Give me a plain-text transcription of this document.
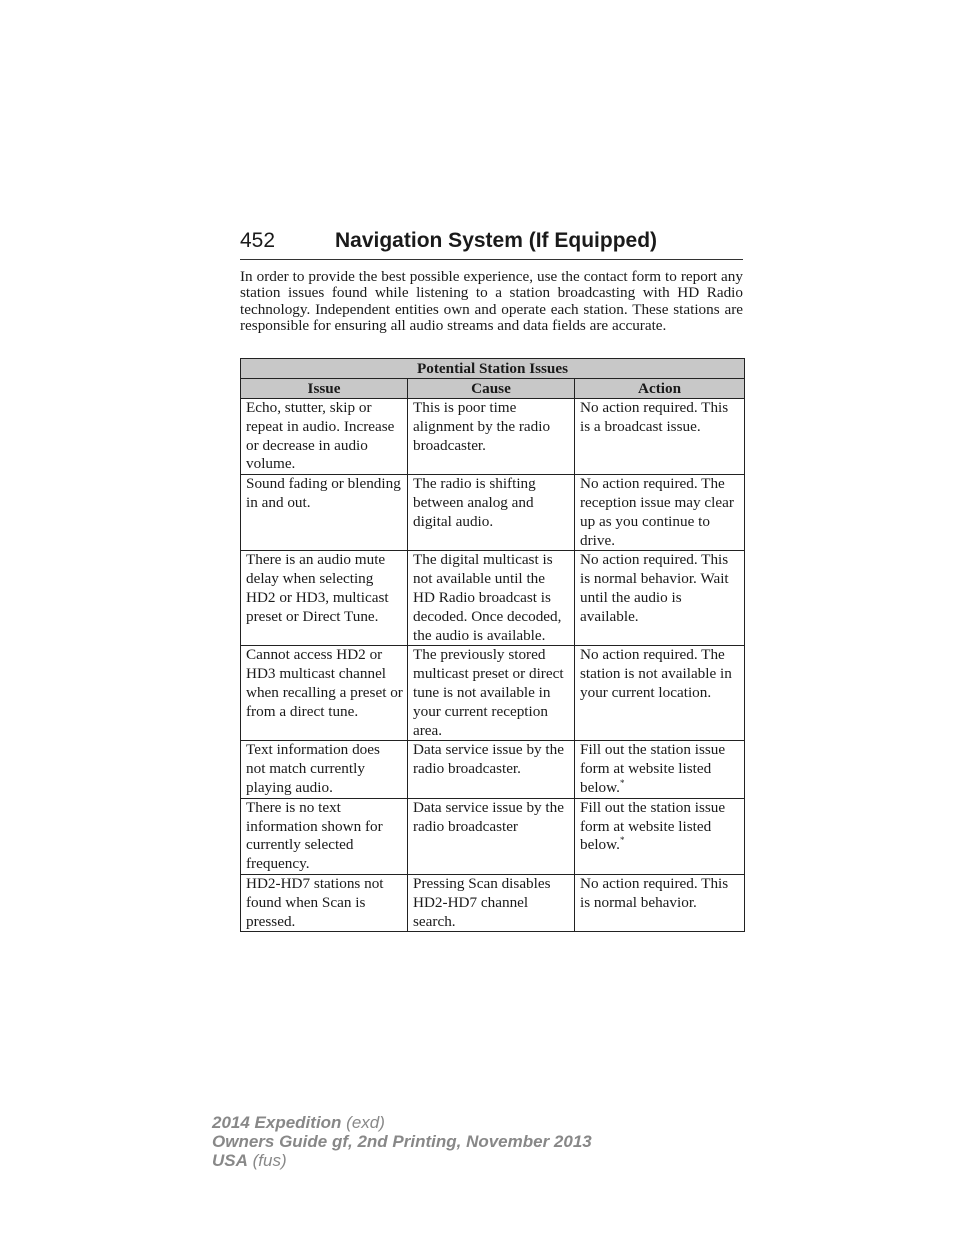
452	Navigation System (If Equipped)

In order to provide the best possible experience, use the contact form to report any station issues found while listening to a station broadcasting with HD Radio technology. Independent entities own and operate each station. These stations are responsible for ensuring all audio streams and data fields are accurate.

Potential Station Issues		
Issue	Cause	Action
Echo, stutter, skip or repeat in audio. Increase or decrease in audio volume.	This is poor time alignment by the radio broadcaster.	No action required. This is a broadcast issue.
Sound fading or blending in and out.	The radio is shifting between analog and digital audio.	No action required. The reception issue may clear up as you continue to drive.
There is an audio mute delay when selecting HD2 or HD3, multicast preset or Direct Tune.	The digital multicast is not available until the HD Radio broadcast is decoded. Once decoded, the audio is available.	No action required. This is normal behavior. Wait until the audio is available.
Cannot access HD2 or HD3 multicast channel when recalling a preset or from a direct tune.	The previously stored multicast preset or direct tune is not available in your current reception area.	No action required. The station is not available in your current location.
Text information does not match currently playing audio.	Data service issue by the radio broadcaster.	Fill out the station issue form at website listed below.*
There is no text information shown for currently selected frequency.	Data service issue by the radio broadcaster	Fill out the station issue form at website listed below.*
HD2-HD7 stations not found when Scan is pressed.	Pressing Scan disables HD2-HD7 channel search.	No action required. This is normal behavior.
2014 Expedition (exd)
Owners Guide gf, 2nd Printing, November 2013
USA (fus)
